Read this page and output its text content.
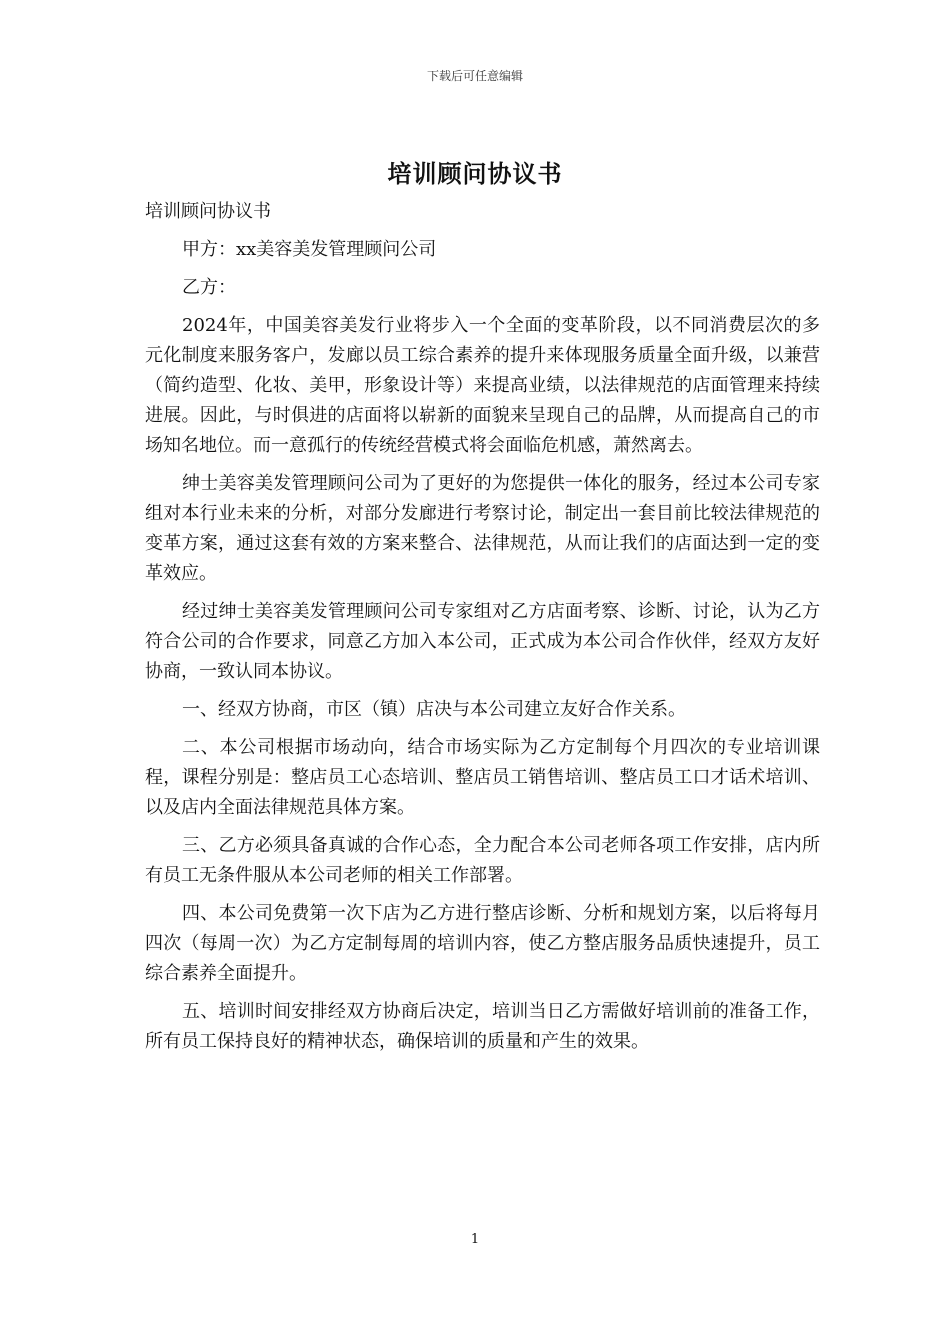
下载后可任意编辑
培训顾问协议书

培训顾问协议书

甲方：xx美容美发管理顾问公司

乙方：

2024年，中国美容美发行业将步入一个全面的变革阶段，以不同消费层次的多元化制度来服务客户，发廊以员工综合素养的提升来体现服务质量全面升级，以兼营（简约造型、化妆、美甲，形象设计等）来提高业绩，以法律规范的店面管理来持续进展。因此，与时俱进的店面将以崭新的面貌来呈现自己的品牌，从而提高自己的市场知名地位。而一意孤行的传统经营模式将会面临危机感，萧然离去。

绅士美容美发管理顾问公司为了更好的为您提供一体化的服务，经过本公司专家组对本行业未来的分析，对部分发廊进行考察讨论，制定出一套目前比较法律规范的变革方案，通过这套有效的方案来整合、法律规范，从而让我们的店面达到一定的变革效应。

经过绅士美容美发管理顾问公司专家组对乙方店面考察、诊断、讨论，认为乙方符合公司的合作要求，同意乙方加入本公司，正式成为本公司合作伙伴，经双方友好协商，一致认同本协议。

一、经双方协商，市区（镇）店决与本公司建立友好合作关系。

二、本公司根据市场动向，结合市场实际为乙方定制每个月四次的专业培训课程，课程分别是：整店员工心态培训、整店员工销售培训、整店员工口才话术培训、以及店内全面法律规范具体方案。

三、乙方必须具备真诚的合作心态，全力配合本公司老师各项工作安排，店内所有员工无条件服从本公司老师的相关工作部署。

四、本公司免费第一次下店为乙方进行整店诊断、分析和规划方案，以后将每月四次（每周一次）为乙方定制每周的培训内容，使乙方整店服务品质快速提升，员工综合素养全面提升。

五、培训时间安排经双方协商后决定，培训当日乙方需做好培训前的准备工作，所有员工保持良好的精神状态，确保培训的质量和产生的效果。

1
